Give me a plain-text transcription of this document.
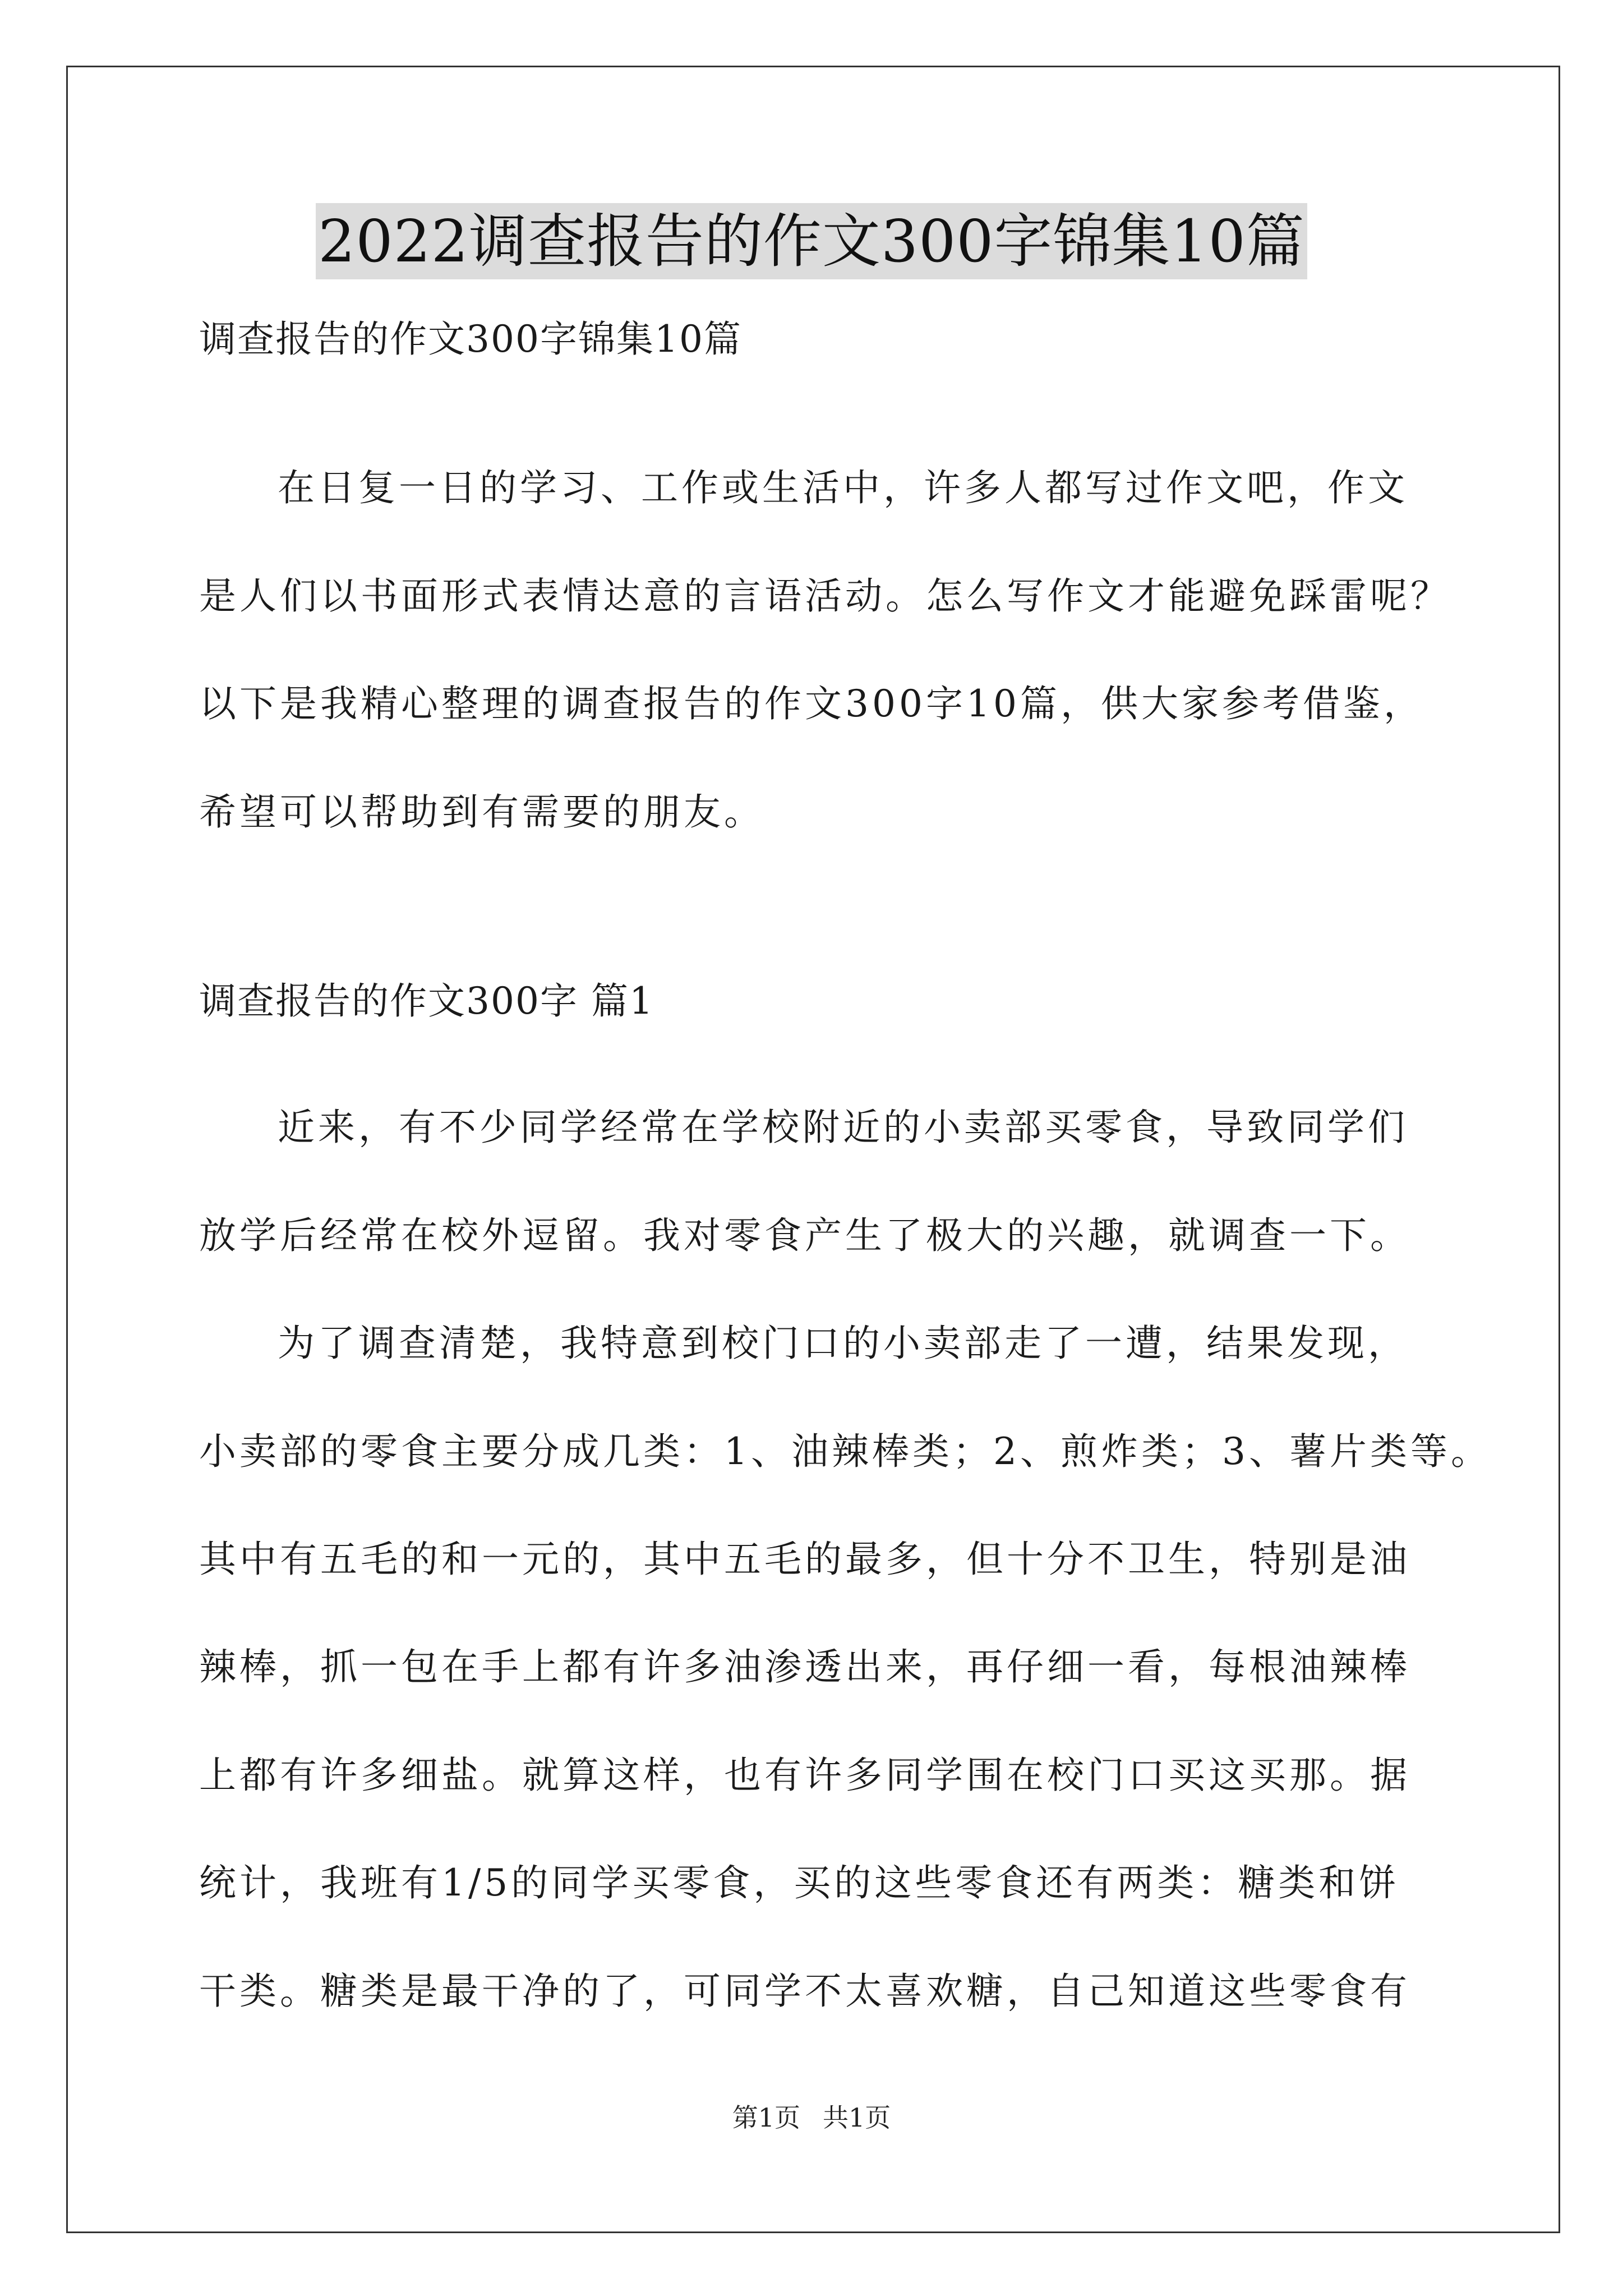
2022调查报告的作文300字锦集10篇
调查报告的作文300字锦集10篇
在日复一日的学习、工作或生活中，许多人都写过作文吧，作文
是人们以书面形式表情达意的言语活动。怎么写作文才能避免踩雷呢？
以下是我精心整理的调查报告的作文300字10篇，供大家参考借鉴，
希望可以帮助到有需要的朋友。
调查报告的作文300字 篇1
近来，有不少同学经常在学校附近的小卖部买零食，导致同学们
放学后经常在校外逗留。我对零食产生了极大的兴趣，就调查一下。
为了调查清楚，我特意到校门口的小卖部走了一遭，结果发现，
小卖部的零食主要分成几类：1、油辣棒类；2、煎炸类；3、薯片类等。
其中有五毛的和一元的，其中五毛的最多，但十分不卫生，特别是油
辣棒，抓一包在手上都有许多油渗透出来，再仔细一看，每根油辣棒
上都有许多细盐。就算这样，也有许多同学围在校门口买这买那。据
统计，我班有1/5的同学买零食，买的这些零食还有两类：糖类和饼
干类。糖类是最干净的了，可同学不太喜欢糖，自己知道这些零食有
第1页 共1页
